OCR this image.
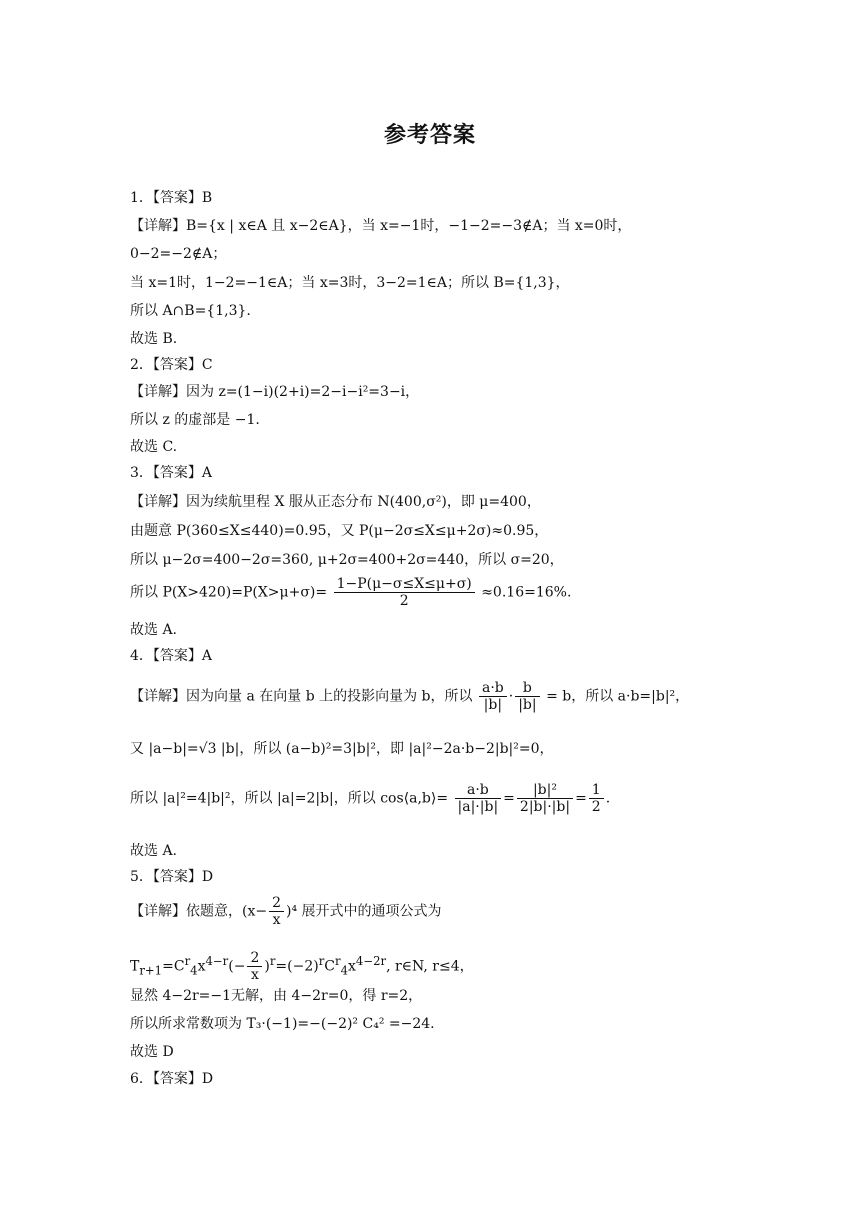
参考答案
1．【答案】B
【详解】B={x | x∈A 且 x−2∈A}，当 x=−1时，−1−2=−3∉A；当 x=0时，
0−2=−2∉A；
当 x=1时，1−2=−1∈A；当 x=3时，3−2=1∈A；所以 B={1,3}，
所以 A∩B={1,3}.
故选 B.
2．【答案】C
【详解】因为 z=(1−i)(2+i)=2−i−i²=3−i，
所以 z 的虚部是 −1.
故选 C.
3．【答案】A
【详解】因为续航里程 X 服从正态分布 N(400,σ²)，即 μ=400，
由题意 P(360≤X≤440)=0.95，又 P(μ−2σ≤X≤μ+2σ)≈0.95，
所以 μ−2σ=400−2σ=360, μ+2σ=400+2σ=440，所以 σ=20，
所以 $P(X>420)=P(X>\mu+\sigma)= \frac{1-P(\mu-\sigma\le X\le\mu+\sigma)}{2} \approx 0.16=16\%$.
故选 A.
4．【答案】A
【详解】因为向量 a 在向量 b 上的投影向量为 b，所以 $\frac{a\cdot b}{|b|} \cdot \frac{b}{|b|} = b$，所以 a·b=|b|²，
又 |a−b|=√3 |b|，所以 (a−b)²=3|b|²，即 |a|²−2a·b−2|b|²=0，
所以 |a|²=4|b|²，所以 |a|=2|b|，所以 cos⟨a,b⟩= $\frac{a\cdot b}{|a|\cdot|b|} = \frac{\text{|b|²}}{2|b|\cdot|b|} = \frac{1}{2}$ .
故选 A.
5．【答案】D
【详解】依题意，$(x- \frac{2}{x} )^4$ 展开式中的通项公式为
$T_{r+1}=C^r_4x^{4-r}(- \frac{2}{x} )^r=(-2)^rC^r_4x^{4-2r}$, r∈N, r≤4，
显然 4−2r=−1无解，由 4−2r=0，得 r=2，
所以所求常数项为 T₃·(−1)=−(−2)² C₄² =−24.
故选 D
6．【答案】D
